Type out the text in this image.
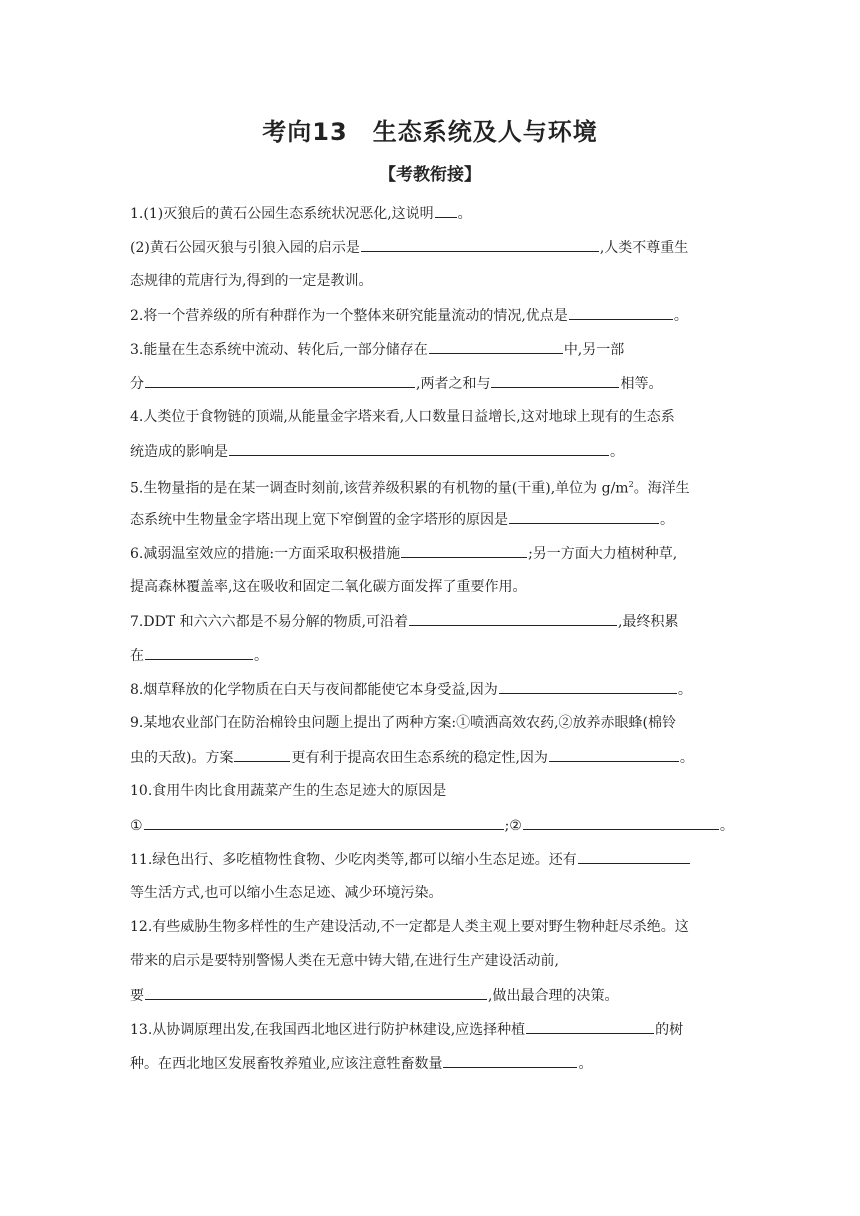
考向13　生态系统及人与环境
【考教衔接】
1.(1)灭狼后的黄石公园生态系统状况恶化,这说明 。
(2)黄石公园灭狼与引狼入园的启示是	,人类不尊重生
态规律的荒唐行为,得到的一定是教训。
2.将一个营养级的所有种群作为一个整体来研究能量流动的情况,优点是	。
3.能量在生态系统中流动、转化后,一部分储存在	中,另一部
分	,两者之和与	相等。
4.人类位于食物链的顶端,从能量金字塔来看,人口数量日益增长,这对地球上现有的生态系
统造成的影响是	。
5.生物量指的是在某一调查时刻前,该营养级积累的有机物的量(干重),单位为 $g/m^2$。海洋生
态系统中生物量金字塔出现上宽下窄倒置的金字塔形的原因是	。
6.减弱温室效应的措施:一方面采取积极措施	;另一方面大力植树种草,
提高森林覆盖率,这在吸收和固定二氧化碳方面发挥了重要作用。
7.DDT 和六六六都是不易分解的物质,可沿着	,最终积累
在	。
8.烟草释放的化学物质在白天与夜间都能使它本身受益,因为	。
9.某地农业部门在防治棉铃虫问题上提出了两种方案:①喷洒高效农药,②放养赤眼蜂(棉铃
虫的天敌)。方案	更有利于提高农田生态系统的稳定性,因为	。
10.食用牛肉比食用蔬菜产生的生态足迹大的原因是
①	;②	。
11.绿色出行、多吃植物性食物、少吃肉类等,都可以缩小生态足迹。还有
等生活方式,也可以缩小生态足迹、减少环境污染。
12.有些威胁生物多样性的生产建设活动,不一定都是人类主观上要对野生物种赶尽杀绝。这
带来的启示是要特别警惕人类在无意中铸大错,在进行生产建设活动前,
要	,做出最合理的决策。
13.从协调原理出发,在我国西北地区进行防护林建设,应选择种植	的树
种。在西北地区发展畜牧养殖业,应该注意牲畜数量	。
